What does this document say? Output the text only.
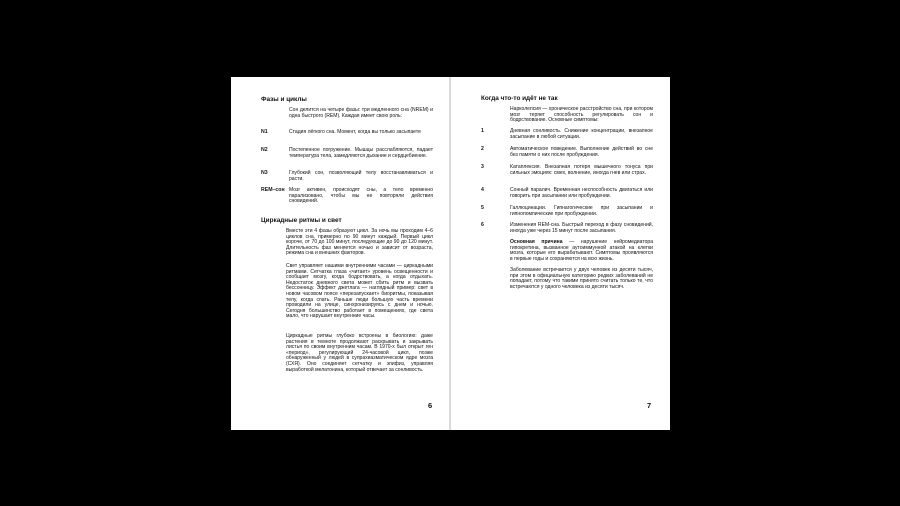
Фазы и циклы
Сон делится на четыре фазы: три медленного сна (NREM) и одна быстрого (REM). Каждая имеет свою роль:
N1	Стадия лёгкого сна. Момент, когда вы только засыпаете
N2	Постепенное погружение. Мышцы расслабляются, падает температура тела, замедляются дыхание и сердцебиение.
N3	Глубокий сон, позволяющий телу восстанавливаться и расти.
REM–сон Мозг активен, происходят сны, а тело временно парализовано, чтобы мы не повторяли действия сновидений.
Циркадные ритмы и свет
Вместе эти 4 фазы образуют цикл. За ночь мы проходим 4–6 циклов сна, примерно по 90 минут каждый. Первый цикл короче, от 70 до 100 минут, последующие до 90 до 120 минут. Длительность фаз меняется ночью и зависит от возраста, режима сна и внешних факторов.
Свет управляет нашими внутренними часами — циркадными ритмами. Сетчатка глаза «читает» уровень освещенности и сообщает мозгу, когда бодрствовать, а когда отдыхать. Недостаток дневного света может сбить ритм и вызвать бессонницу. Эффект джетлага — наглядный пример: свет в новом часовом поясе «перезапускает» биоритмы, показывая телу, когда спать. Раньше люди большую часть времени проводили на улице, синхронизируясь с днем и ночью. Сегодня большинство работает в помещениях, где света мало, что нарушает внутренние часы.
Циркадные ритмы глубоко встроены в биологию: даже растения в темноте продолжают раскрывать и закрывать листья по своим внутренним часам. В 1970-х был открыт ген «период», регулирующий 24-часовой цикл, позже обнаруженный у людей в супрахиазматическом ядре мозга (СХЯ). Оно соединяет сетчатку и эпифиз, управляя выработкой мелатонина, который отвечает за сонливость.
6
Когда что-то идёт не так
Нарколепсия — хроническое расстройство сна, при котором мозг теряет способность регулировать сон и бодрствование. Основные симптомы:
1	Дневная сонливость. Снижение концентрации, внезапное засыпание в любой ситуации.
2	Автоматическое поведение. Выполнение действий во сне без памяти о них после пробуждения.
3	Катаплексия. Внезапная потеря мышечного тонуса при сильных эмоциях: смех, волнение, иногда гнев или страх.
4	Сонный паралич. Временная неспособность двигаться или говорить при засыпании или пробуждении.
5	Галлюцинации. Гипнагогические при засыпании и гипнопомпические при пробуждении.
6	Изменения REM-сна. Быстрый переход в фазу сновидений, иногда уже через 15 минут после засыпания.
Основная причина — нарушение нейромедиатора гипокретина, вызванное аутоиммунной атакой на клетки мозга, которые его вырабатывают. Симптомы проявляются в первые годы и сохраняются на всю жизнь.
Заболевание встречается у двух человек из десяти тысяч, при этом в официальную категорию редких заболеваний не попадает, потому что такими принято считать только те, что встречаются у одного человека из десяти тысяч.
7
